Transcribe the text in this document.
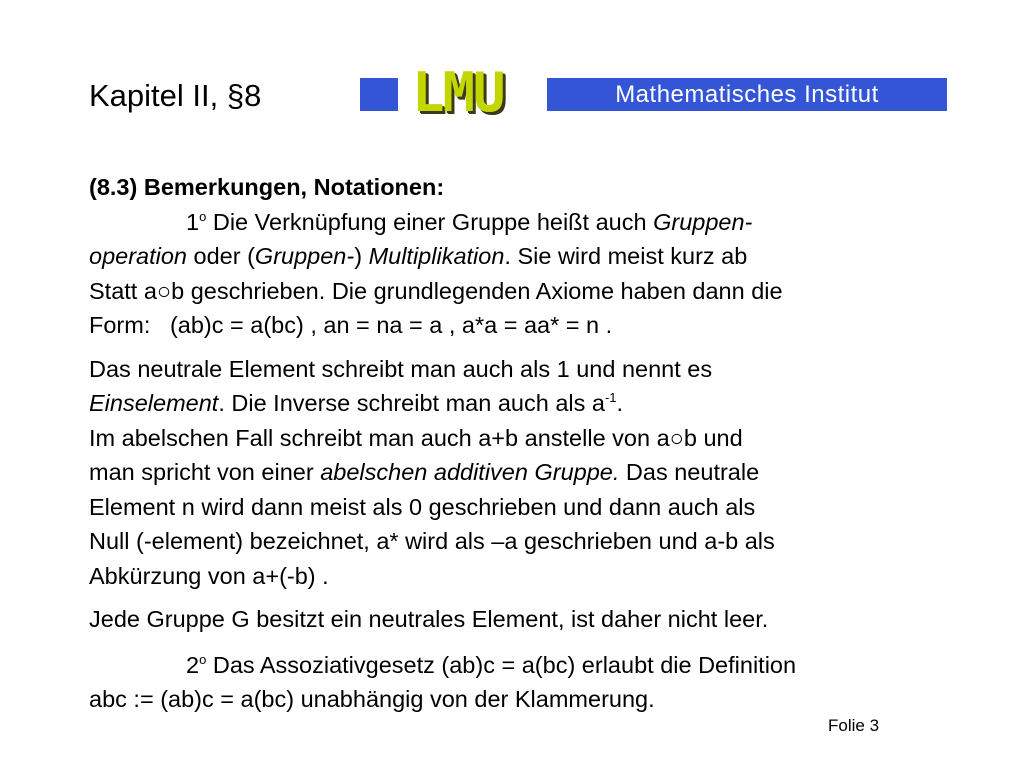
Kapitel II, §8	LMU	Mathematisches Institut

(8.3) Bemerkungen, Notationen:

1$^o$ Die Verknüpfung einer Gruppe heißt auch Gruppen-
operation oder (Gruppen-) Multiplikation. Sie wird meist kurz ab
Statt a○b geschrieben. Die grundlegenden Axiome haben dann die
Form:   (ab)c = a(bc) , an = na = a , a*a = aa* = n .

Das neutrale Element schreibt man auch als 1 und nennt es
Einselement. Die Inverse schreibt man auch als $a^{-1}$.
Im abelschen Fall schreibt man auch a+b anstelle von a○b und
man spricht von einer abelschen additiven Gruppe. Das neutrale
Element n wird dann meist als 0 geschrieben und dann auch als
Null (-element) bezeichnet, a* wird als –a geschrieben und a-b als
Abkürzung von a+(-b) .

Jede Gruppe G besitzt ein neutrales Element, ist daher nicht leer.

2$^o$ Das Assoziativgesetz (ab)c = a(bc) erlaubt die Definition
abc := (ab)c = a(bc) unabhängig von der Klammerung.

Folie 3
